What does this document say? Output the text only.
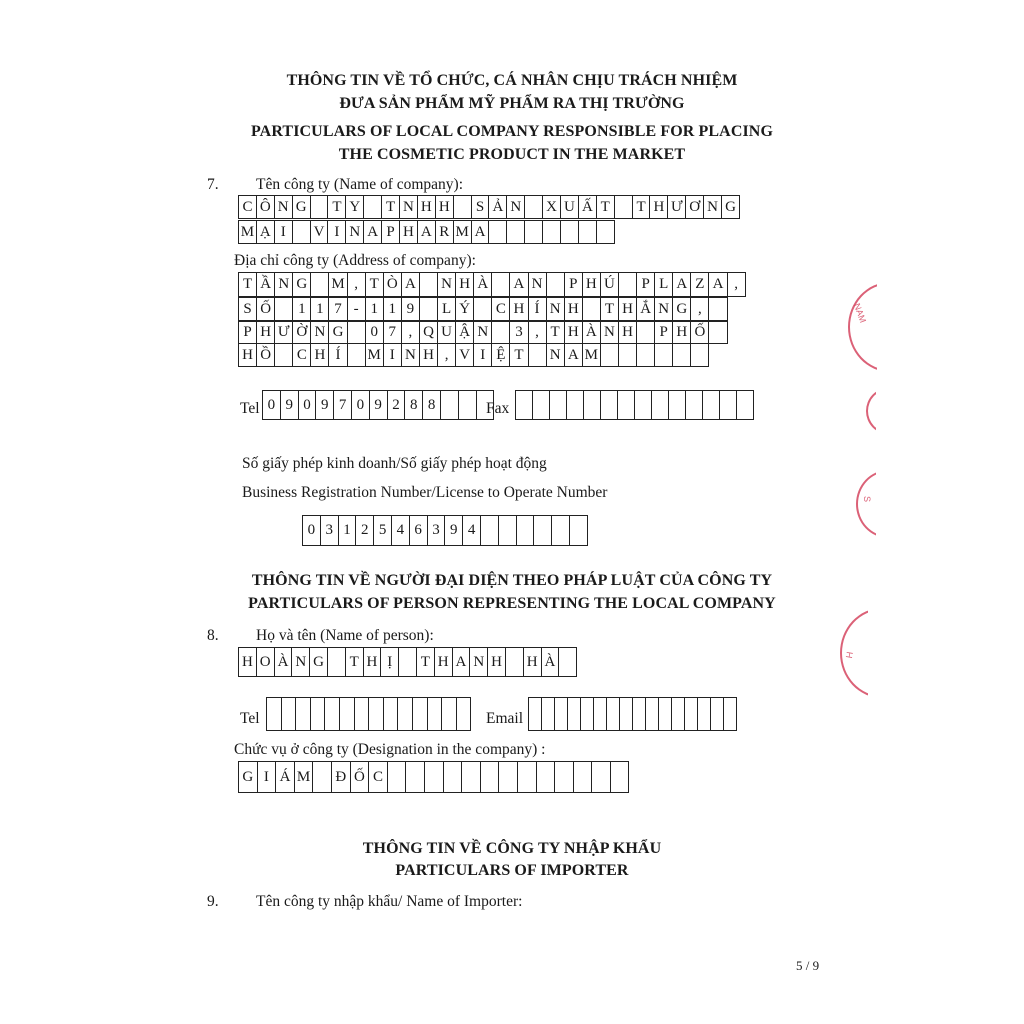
THÔNG TIN VỀ TỔ CHỨC, CÁ NHÂN CHỊU TRÁCH NHIỆM
ĐƯA SẢN PHẨM MỸ PHẨM RA THỊ TRƯỜNG
PARTICULARS OF LOCAL COMPANY RESPONSIBLE FOR PLACING
THE COSMETIC PRODUCT IN THE MARKET
7. Tên công ty (Name of company):
C Ô N G T Y T N H H S Ả N X U Ấ T	T H Ư Ơ N G
M Ạ I	V I N A P H A R M A
Địa chỉ công ty (Address of company):
T Ầ N G M , T Ò A N H À A N P H Ú P L A Z A ,
S Ố	1 1 7 - 1 1 9	L Ý C H Í N H T H Ắ N G ,
P H Ư Ờ N G	0 7 , Q U Ậ N	3 , T H À N H P H Ố
H Ồ C H Í	M I N H , V I Ệ T	N A M
Tel 0 9 0 9 7 0 9 2 8 8	Fax
Số giấy phép kinh doanh/Số giấy phép hoạt động
Business Registration Number/License to Operate Number
0 3 1 2 5 4 6 3 9 4
THÔNG TIN VỀ NGƯỜI ĐẠI DIỆN THEO PHÁP LUẬT CỦA CÔNG TY
PARTICULARS OF PERSON REPRESENTING THE LOCAL COMPANY
8. Họ và tên (Name of person):
H O À N G T H Ị	T H A N H H À
Tel	Email
Chức vụ ở công ty (Designation in the company) :
G I Á M Đ Ố C
THÔNG TIN VỀ CÔNG TY NHẬP KHẨU
PARTICULARS OF IMPORTER
9. Tên công ty nhập khẩu/ Name of Importer:
5 / 9
NAM
S
H
